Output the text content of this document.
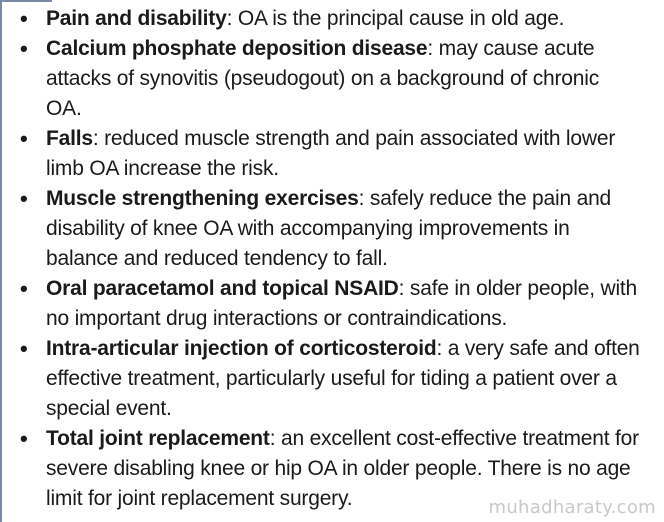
• Pain and disability: OA is the principal cause in old age.
• Calcium phosphate deposition disease: may cause acute attacks of synovitis (pseudogout) on a background of chronic OA.
• Falls: reduced muscle strength and pain associated with lower limb OA increase the risk.
• Muscle strengthening exercises: safely reduce the pain and disability of knee OA with accompanying improvements in balance and reduced tendency to fall.
• Oral paracetamol and topical NSAID: safe in older people, with no important drug interactions or contraindications.
• Intra-articular injection of corticosteroid: a very safe and often effective treatment, particularly useful for tiding a patient over a special event.
• Total joint replacement: an excellent cost-effective treatment for severe disabling knee or hip OA in older people. There is no age limit for joint replacement surgery.	muhadharaty.com
